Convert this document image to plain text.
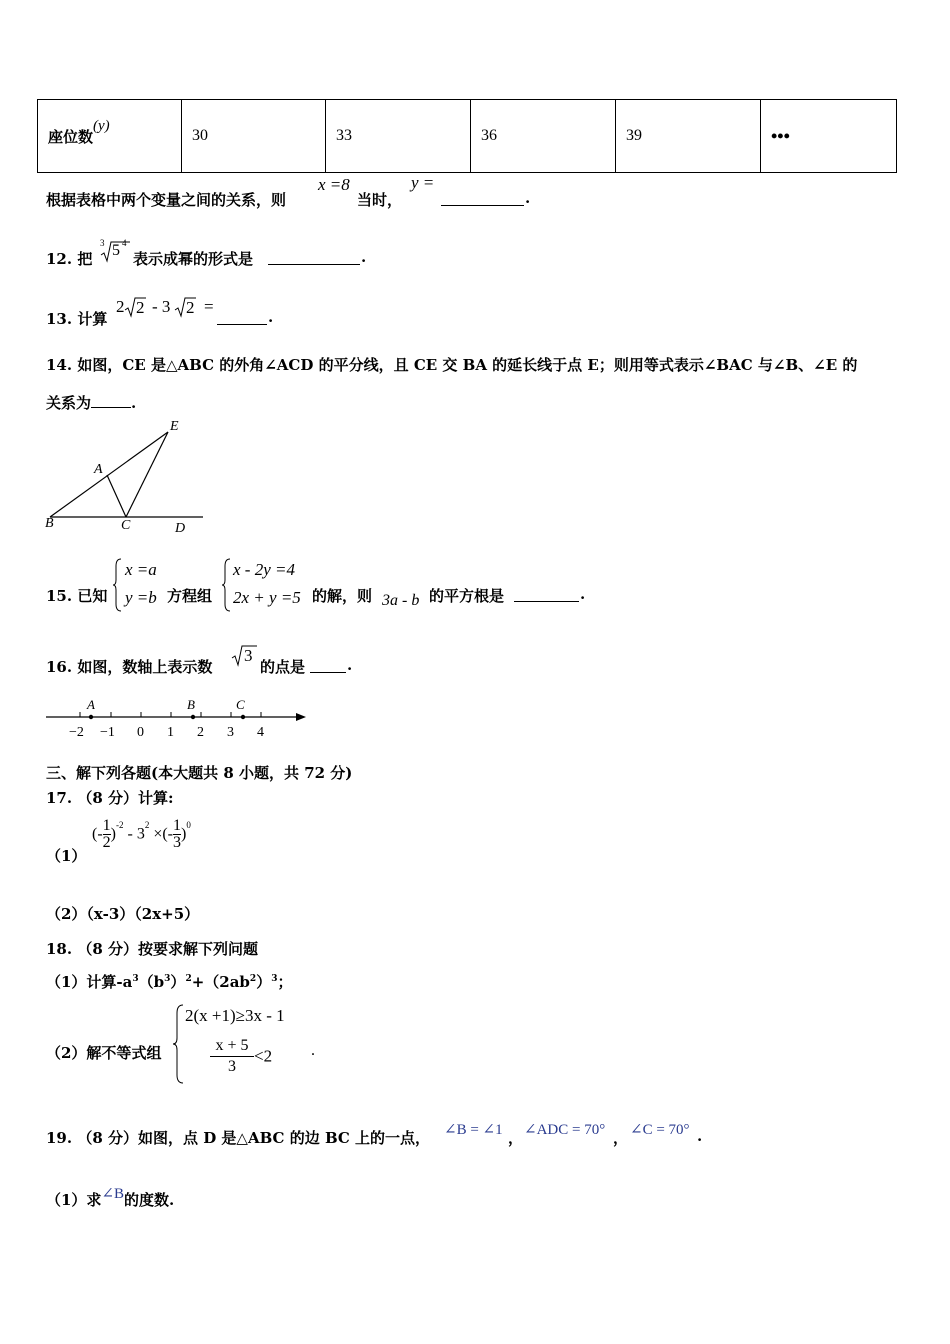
座位数(y)	30	33	36	39	•••
根据表格中两个变量之间的关系，则
x =8
当时，
y =
.
12. 把
3 5 4
表示成幂的形式是	.
13. 计算
2 2 - 3 2 =
.
14. 如图，CE 是△ABC 的外角∠ACD 的平分线，且 CE 交 BA 的延长线于点 E；则用等式表示∠BAC 与∠B、∠E 的
关系为	.
E
A
B	C	D
15. 已知
x =a
y =b 方程组
x - 2y =4
2x + y =5 的解，则 3a - b 的平方根是	.
16. 如图，数轴上表示数
3
的点是	.
A	B	C
−2 −1 0 1 2 3 4
三、解下列各题(本大题共 8 小题，共 72 分)
17. （8 分）计算:
（1）
(- $\frac{1}{2} )^{-2} - 3^2$ ×(- $\frac{1}{3} )^0$
（2）（x-3）（2x+5）
18. （8 分）按要求解下列问题
（1）计算$-a^3(b^3)^2+(2ab^2)^3$；
（2）解不等式组
2(x +1)≥3x - 1
$\frac{x + 5}{3} <2$ .
19. （8 分）如图，点 D 是△ABC 的边 BC 上的一点， ∠B = ∠1 ， ∠ADC = 70° ， ∠C = 70° .
（1）求∠B的度数.
